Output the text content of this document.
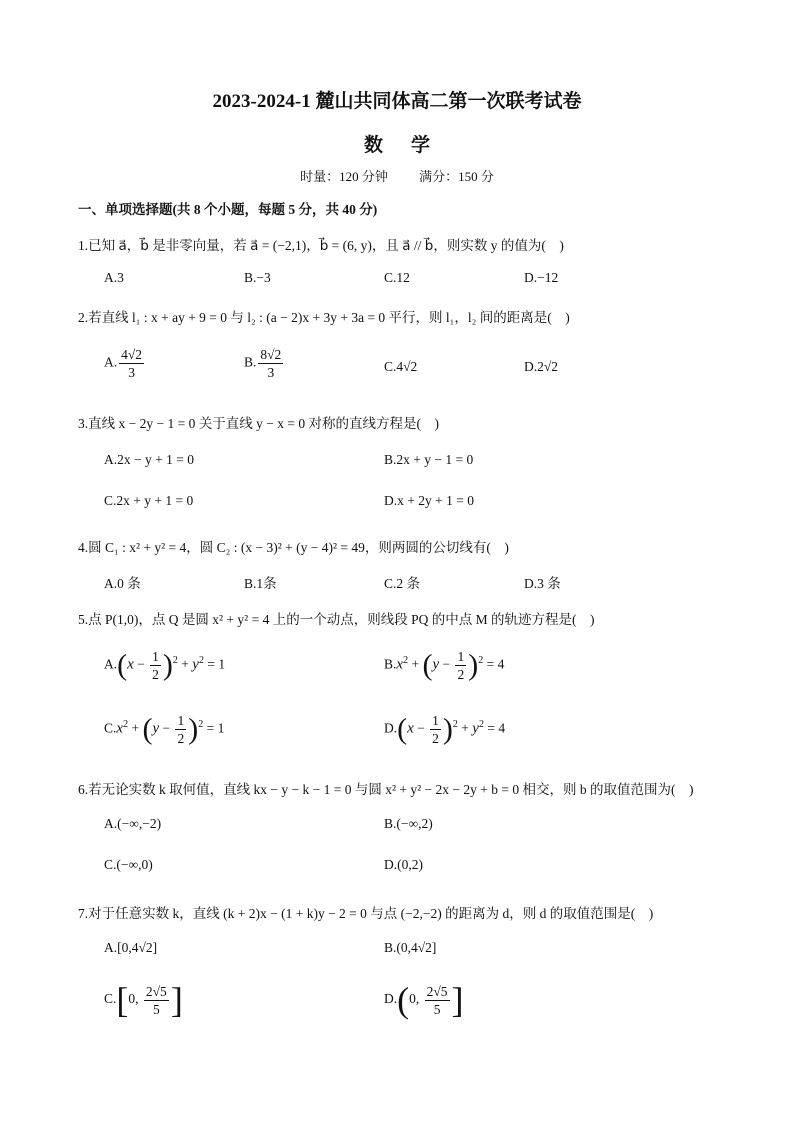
2023-2024-1 麓山共同体高二第一次联考试卷
数学
时量：120 分钟 满分：150 分
一、单项选择题(共 8 个小题，每题 5 分，共 40 分)
1.已知 a⃗，b⃗ 是非零向量，若 a⃗ = (−2,1)，b⃗ = (6, y)，且 a⃗ // b⃗，则实数 y 的值为(　)
A.3	B.−3	C.12	D.−12
2.若直线 l₁ : x + ay + 9 = 0 与 l₂ : (a − 2)x + 3y + 3a = 0 平行，则 l₁，l₂ 间的距离是(　)
A. $\frac{4√2}{3}$	B. $\frac{8√2}{3}$	C.4√2	D.2√2
3.直线 x − 2y − 1 = 0 关于直线 y − x = 0 对称的直线方程是(　)
A.2x − y + 1 = 0	B.2x + y − 1 = 0
C.2x + y + 1 = 0	D.x + 2y + 1 = 0
4.圆 C₁ : x² + y² = 4，圆 C₂ : (x − 3)² + (y − 4)² = 49，则两圆的公切线有(　)
A.0 条	B.1条	C.2 条	D.3 条
5.点 P(1,0)，点 Q 是圆 x² + y² = 4 上的一个动点，则线段 PQ 的中点 M 的轨迹方程是(　)
$A.(x - \frac{1}{2} )^2 + y^2 = 1$	$B.x^2 + (y - \frac{1}{2} )^2 = 4$
$C.x^2 + (y - \frac{1}{2} )^2 = 1$	$D.(x - \frac{1}{2} )^2 + y^2 = 4$
6.若无论实数 k 取何值，直线 kx − y − k − 1 = 0 与圆 x² + y² − 2x − 2y + b = 0 相交，则 b 的取值范围为(　)
A.(−∞,−2)	B.(−∞,2)
C.(−∞,0)	D.(0,2)
7.对于任意实数 k，直线 (k + 2)x − (1 + k)y − 2 = 0 与点 (−2,−2) 的距离为 d，则 d 的取值范围是(　)
A.[0,4√2]	B.(0,4√2]
C.[0, $\frac{2√5}{5}$ ]	D.(0, $\frac{2√5}{5}$ ]
